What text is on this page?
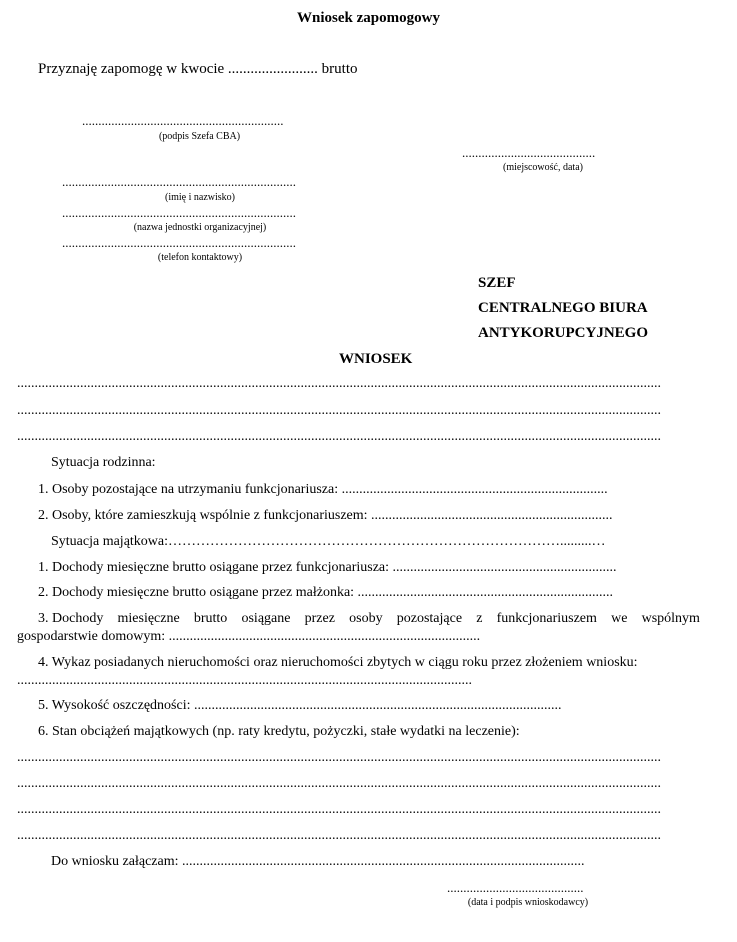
Wniosek zapomogowy
Przyznaję zapomogę w kwocie ........................ brutto
..............................................................
(podpis Szefa CBA)
.........................................
(miejscowość, data)
........................................................................
(imię i nazwisko)
........................................................................
(nazwa jednostki organizacyjnej)
........................................................................
(telefon kontaktowy)
SZEF
CENTRALNEGO BIURA
ANTYKORUPCYJNEGO
WNIOSEK
........................................................................................................................................................................................
........................................................................................................................................................................................
........................................................................................................................................................................................
Sytuacja rodzinna:
1. Osoby pozostające na utrzymaniu funkcjonariusza: ............................................................................
2. Osoby, które zamieszkują wspólnie z funkcjonariuszem: .....................................................................
Sytuacja majątkowa:………………………………………………………………………….........…
1. Dochody miesięczne brutto osiągane przez funkcjonariusza: ................................................................
2. Dochody miesięczne brutto osiągane przez małżonka: .........................................................................
3. Dochody miesięczne brutto osiągane przez osoby pozostające z funkcjonariuszem we wspólnym
gospodarstwie domowym: .........................................................................................
4. Wykaz posiadanych nieruchomości oraz nieruchomości zbytych w ciągu roku przez złożeniem wniosku:
..................................................................................................................................
5. Wysokość oszczędności: .........................................................................................................
6. Stan obciążeń majątkowych (np. raty kredytu, pożyczki, stałe wydatki na leczenie):
........................................................................................................................................................................................
........................................................................................................................................................................................
........................................................................................................................................................................................
........................................................................................................................................................................................
Do wniosku załączam: ...................................................................................................................
..........................................
(data i podpis wnioskodawcy)
